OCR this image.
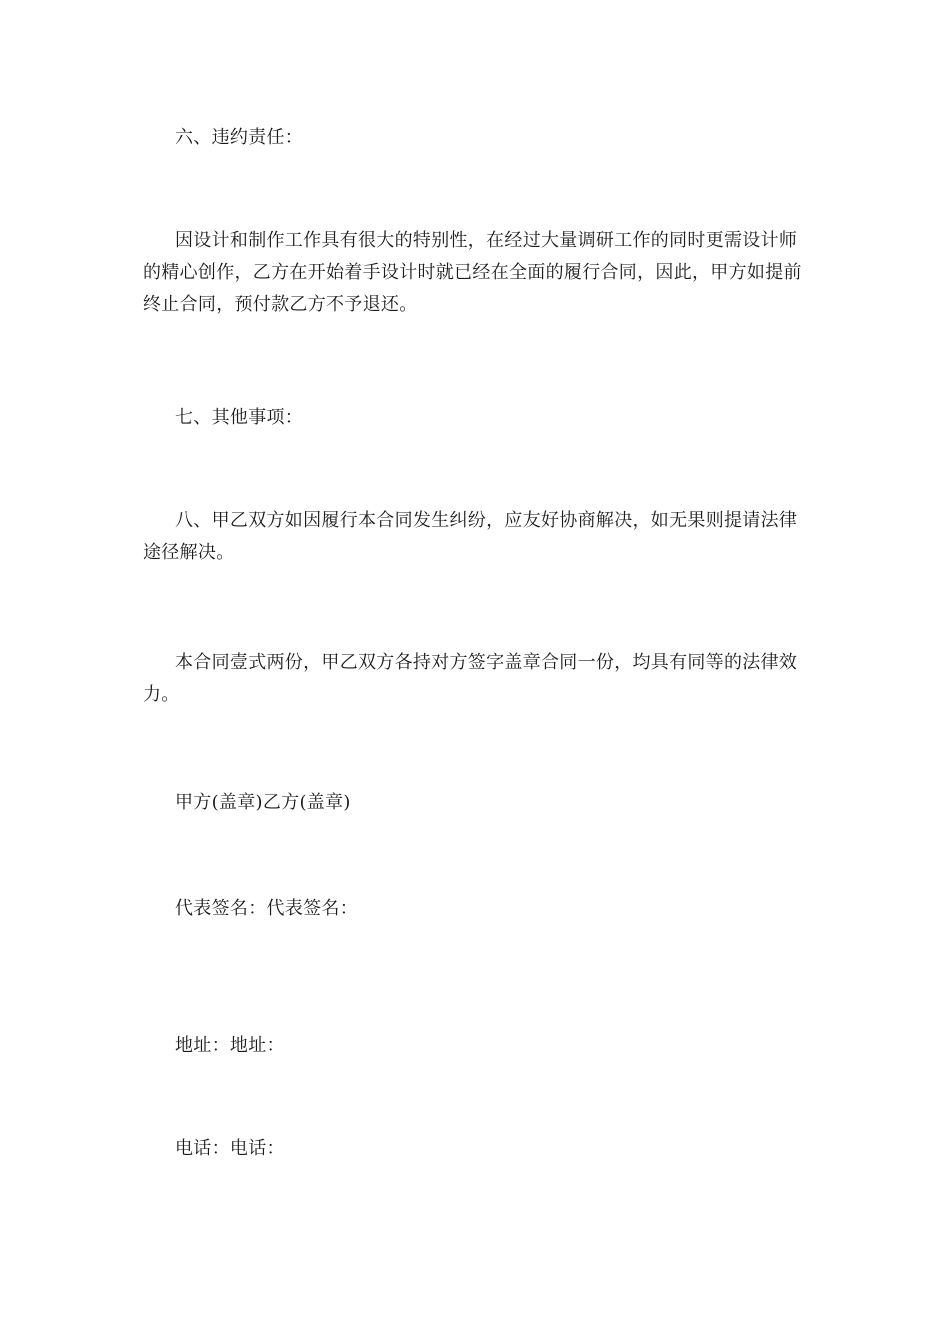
六、违约责任：

因设计和制作工作具有很大的特别性，在经过大量调研工作的同时更需设计师的精心创作，乙方在开始着手设计时就已经在全面的履行合同，因此，甲方如提前终止合同，预付款乙方不予退还。

七、其他事项：

八、甲乙双方如因履行本合同发生纠纷，应友好协商解决，如无果则提请法律途径解决。

本合同壹式两份，甲乙双方各持对方签字盖章合同一份，均具有同等的法律效力。

甲方(盖章)乙方(盖章)

代表签名：代表签名：

地址：地址：

电话：电话：
